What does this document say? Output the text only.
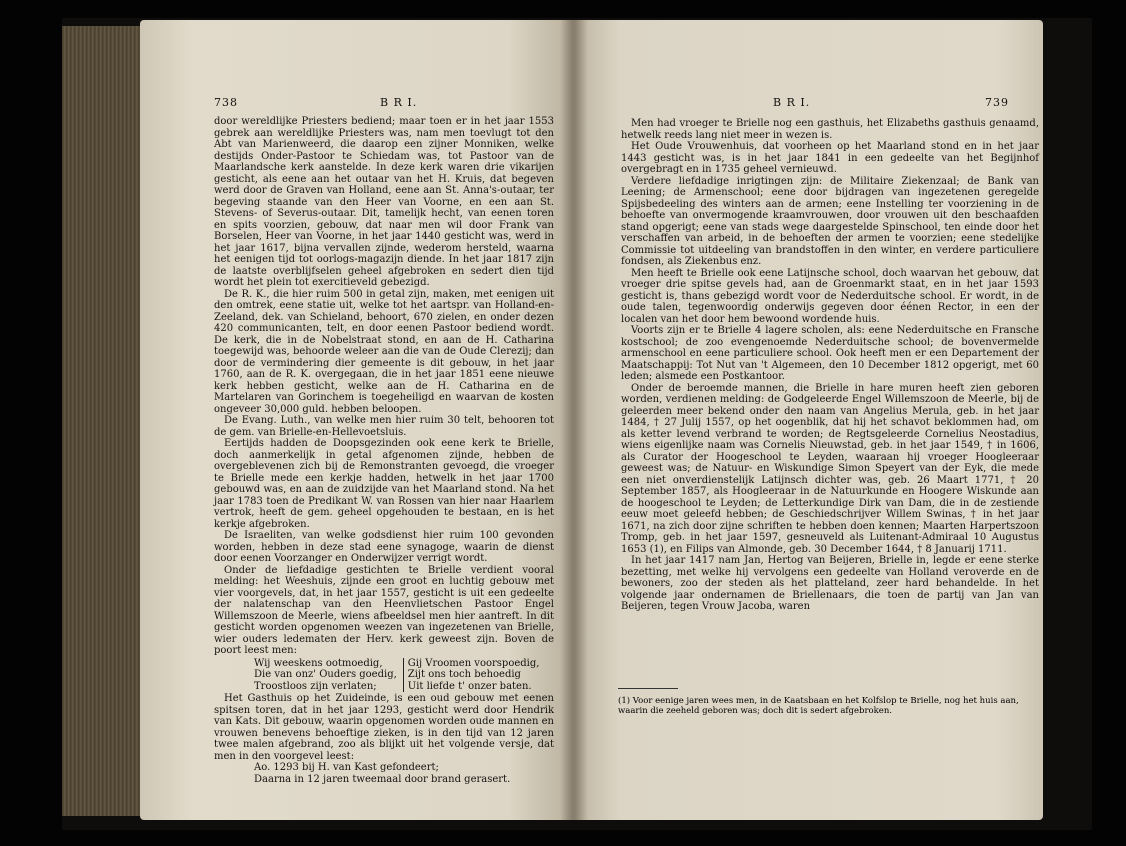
738	B R I.

door wereldlijke Priesters bediend; maar toen er in het jaar 1553 gebrek aan wereldlijke Priesters was, nam men toevlugt tot den Abt van Marienweerd, die daarop een zijner Monniken, welke destijds Onder-Pastoor te Schiedam was, tot Pastoor van de Maarlandsche kerk aanstelde. In deze kerk waren drie vikarijen gesticht, als eene aan het outaar van het H. Kruis, dat begeven werd door de Graven van Holland, eene aan St. Anna's-outaar, ter begeving staande van den Heer van Voorne, en een aan St. Stevens- of Severus-outaar. Dit, tamelijk hecht, van eenen toren en spits voorzien, gebouw, dat naar men wil door Frank van Borselen, Heer van Voorne, in het jaar 1440 gesticht was, werd in het jaar 1617, bijna vervallen zijnde, wederom hersteld, waarna het eenigen tijd tot oorlogs-magazijn diende. In het jaar 1817 zijn de laatste overblijfselen geheel afgebroken en sedert dien tijd wordt het plein tot exercitieveld gebezigd.

De R. K., die hier ruim 500 in getal zijn, maken, met eenigen uit den omtrek, eene statie uit, welke tot het aartspr. van Holland-en-Zeeland, dek. van Schieland, behoort, 670 zielen, en onder dezen 420 communicanten, telt, en door eenen Pastoor bediend wordt. De kerk, die in de Nobelstraat stond, en aan de H. Catharina toegewijd was, behoorde weleer aan die van de Oude Clerezij; dan door de vermindering dier gemeente is dit gebouw, in het jaar 1760, aan de R. K. overgegaan, die in het jaar 1851 eene nieuwe kerk hebben gesticht, welke aan de H. Catharina en de Martelaren van Gorinchem is toegeheiligd en waarvan de kosten ongeveer 30,000 guld. hebben beloopen.

De Evang. Luth., van welke men hier ruim 30 telt, behooren tot de gem. van Brielle-en-Hellevoetsluis.

Eertijds hadden de Doopsgezinden ook eene kerk te Brielle, doch aanmerkelijk in getal afgenomen zijnde, hebben de overgeblevenen zich bij de Remonstranten gevoegd, die vroeger te Brielle mede een kerkje hadden, hetwelk in het jaar 1700 gebouwd was, en aan de zuidzijde van het Maarland stond. Na het jaar 1783 toen de Predikant W. van Rossen van hier naar Haarlem vertrok, heeft de gem. geheel opgehouden te bestaan, en is het kerkje afgebroken.

De Israeliten, van welke godsdienst hier ruim 100 gevonden worden, hebben in deze stad eene synagoge, waarin de dienst door eenen Voorzanger en Onderwijzer verrigt wordt.

Onder de liefdadige gestichten te Brielle verdient vooral melding: het Weeshuis, zijnde een groot en luchtig gebouw met vier voorgevels, dat, in het jaar 1557, gesticht is uit een gedeelte der nalatenschap van den Heenvlietschen Pastoor Engel Willemszoon de Meerle, wiens afbeeldsel men hier aantreft. In dit gesticht worden opgenomen weezen van ingezetenen van Brielle, wier ouders ledematen der Herv. kerk geweest zijn. Boven de poort leest men:

Wij weeskens ootmoedig,
Die van onz' Ouders goedig,
Troostloos zijn verlaten;
Gij Vroomen voorspoedig,
Zijt ons toch behoedig
Uit liefde t' onzer baten.

Het Gasthuis op het Zuideinde, is een oud gebouw met eenen spitsen toren, dat in het jaar 1293, gesticht werd door Hendrik van Kats. Dit gebouw, waarin opgenomen worden oude mannen en vrouwen benevens behoeftige zieken, is in den tijd van 12 jaren twee malen afgebrand, zoo als blijkt uit het volgende versje, dat men in den voorgevel leest:

Ao. 1293 bij H. van Kast gefondeert;
Daarna in 12 jaren tweemaal door brand gerasert.
739
B R I.

Men had vroeger te Brielle nog een gasthuis, het Elizabeths gasthuis genaamd, hetwelk reeds lang niet meer in wezen is.

Het Oude Vrouwenhuis, dat voorheen op het Maarland stond en in het jaar 1443 gesticht was, is in het jaar 1841 in een gedeelte van het Begijnhof overgebragt en in 1735 geheel vernieuwd.

Verdere liefdadige inrigtingen zijn: de Militaire Ziekenzaal; de Bank van Leening; de Armenschool; eene door bijdragen van ingezetenen geregelde Spijsbedeeling des winters aan de armen; eene Instelling ter voorziening in de behoefte van onvermogende kraamvrouwen, door vrouwen uit den beschaafden stand opgerigt; eene van stads wege daargestelde Spinschool, ten einde door het verschaffen van arbeid, in de behoeften der armen te voorzien; eene stedelijke Commissie tot uitdeeling van brandstoffen in den winter, en verdere particuliere fondsen, als Ziekenbus enz.

Men heeft te Brielle ook eene Latijnsche school, doch waarvan het gebouw, dat vroeger drie spitse gevels had, aan de Groenmarkt staat, en in het jaar 1593 gesticht is, thans gebezigd wordt voor de Nederduitsche school. Er wordt, in de oude talen, tegenwoordig onderwijs gegeven door éénen Rector, in een der localen van het door hem bewoond wordende huis.

Voorts zijn er te Brielle 4 lagere scholen, als: eene Nederduitsche en Fransche kostschool; de zoo evengenoemde Nederduitsche school; de bovenvermelde armenschool en eene particuliere school. Ook heeft men er een Departement der Maatschappij: Tot Nut van 't Algemeen, den 10 December 1812 opgerigt, met 60 leden; alsmede een Postkantoor.

Onder de beroemde mannen, die Brielle in hare muren heeft zien geboren worden, verdienen melding: de Godgeleerde Engel Willemszoon de Meerle, bij de geleerden meer bekend onder den naam van Angelius Merula, geb. in het jaar 1484, † 27 Julij 1557, op het oogenblik, dat hij het schavot beklommen had, om als ketter levend verbrand te worden; de Regtsgeleerde Cornelius Neostadius, wiens eigenlijke naam was Cornelis Nieuwstad, geb. in het jaar 1549, † in 1606, als Curator der Hoogeschool te Leyden, waaraan hij vroeger Hoogleeraar geweest was; de Natuur- en Wiskundige Simon Speyert van der Eyk, die mede een niet onverdienstelijk Latijnsch dichter was, geb. 26 Maart 1771, † 20 September 1857, als Hoogleeraar in de Natuurkunde en Hoogere Wiskunde aan de hoogeschool te Leyden; de Letterkundige Dirk van Dam, die in de zestiende eeuw moet geleefd hebben; de Geschiedschrijver Willem Swinas, † in het jaar 1671, na zich door zijne schriften te hebben doen kennen; Maarten Harpertszoon Tromp, geb. in het jaar 1597, gesneuveld als Luitenant-Admiraal 10 Augustus 1653 (1), en Filips van Almonde, geb. 30 December 1644, † 8 Januarij 1711.

In het jaar 1417 nam Jan, Hertog van Beijeren, Brielle in, legde er eene sterke bezetting, met welke hij vervolgens een gedeelte van Holland veroverde en de bewoners, zoo der steden als het platteland, zeer hard behandelde. In het volgende jaar ondernamen de Briellenaars, die toen de partij van Jan van Beijeren, tegen Vrouw Jacoba, waren

(1) Voor eenige jaren wees men, in de Kaatsbaan en het Kolfslop te Brielle, nog het huis aan, waarin die zeeheld geboren was; doch dit is sedert afgebroken.
